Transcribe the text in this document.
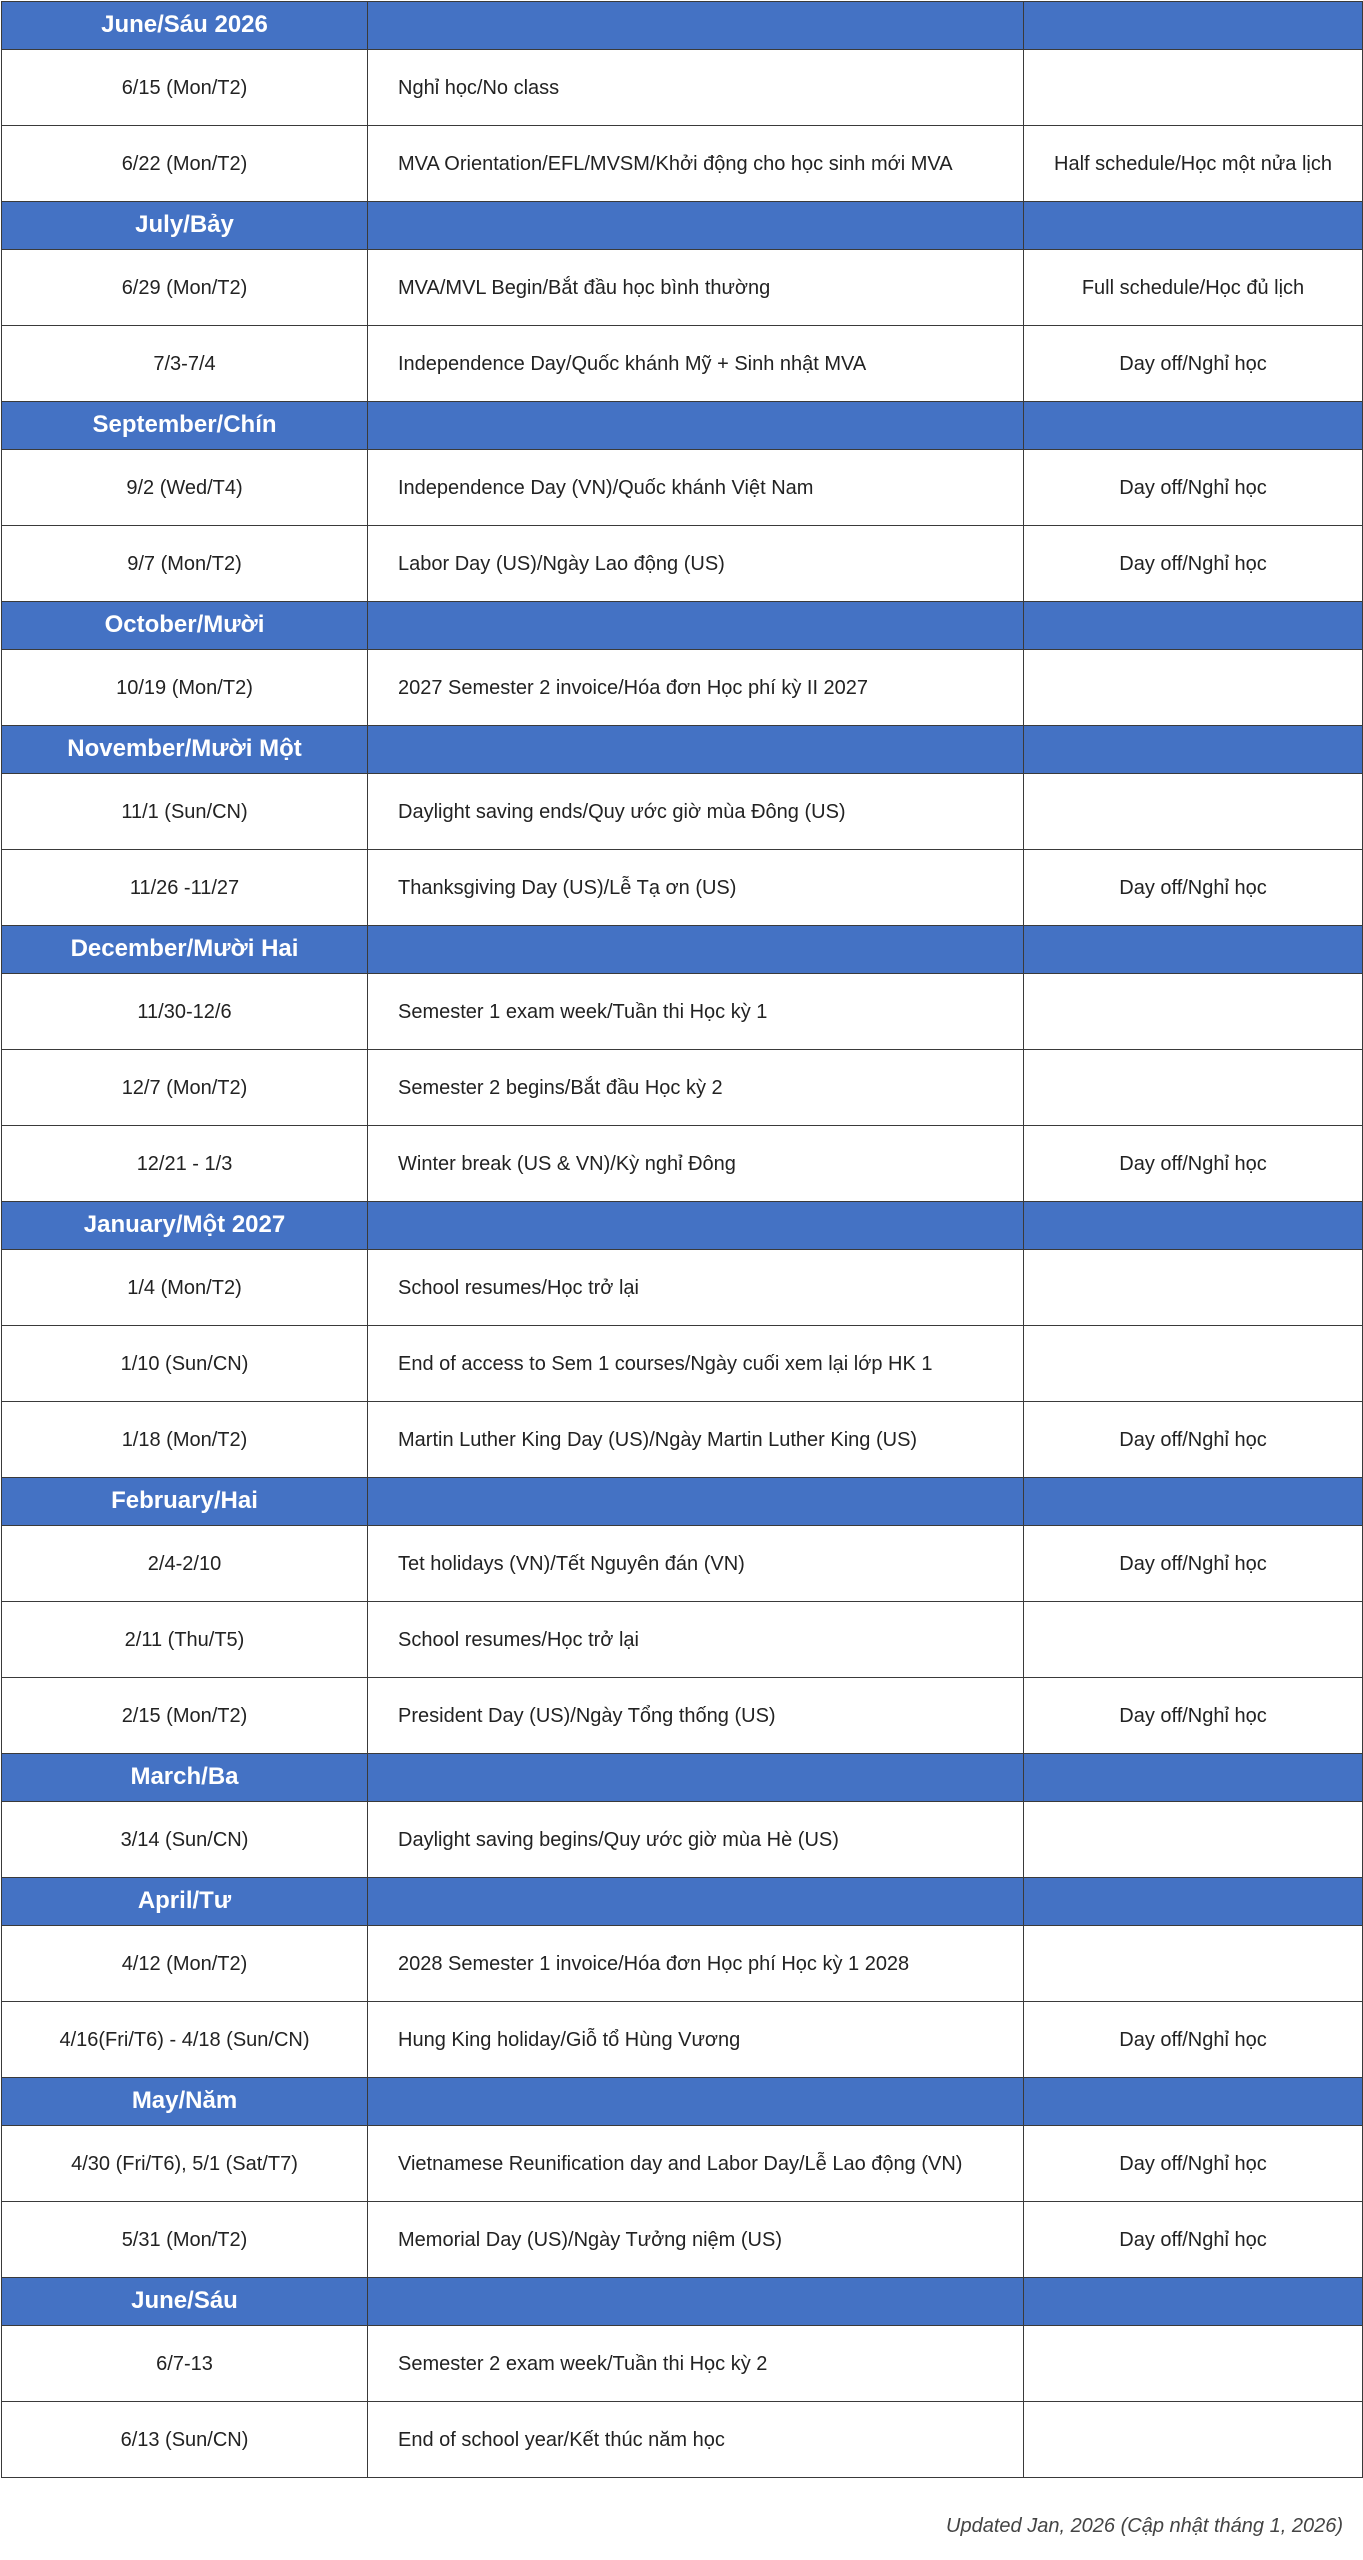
June/Sáu 2026		
6/15 (Mon/T2)	Nghỉ học/No class	
6/22 (Mon/T2)	MVA Orientation/EFL/MVSM/Khởi động cho học sinh mới MVA	Half schedule/Học một nửa lịch
July/Bảy		
6/29 (Mon/T2)	MVA/MVL Begin/Bắt đầu học bình thường	Full schedule/Học đủ lịch
7/3-7/4	Independence Day/Quốc khánh Mỹ + Sinh nhật MVA	Day off/Nghỉ học
September/Chín		
9/2 (Wed/T4)	Independence Day (VN)/Quốc khánh Việt Nam	Day off/Nghỉ học
9/7 (Mon/T2)	Labor Day (US)/Ngày Lao động (US)	Day off/Nghỉ học
October/Mười		
10/19 (Mon/T2)	2027 Semester 2 invoice/Hóa đơn Học phí kỳ II 2027	
November/Mười Một		
11/1 (Sun/CN)	Daylight saving ends/Quy ước giờ mùa Đông (US)	
11/26 -11/27	Thanksgiving Day (US)/Lễ Tạ ơn (US)	Day off/Nghỉ học
December/Mười Hai		
11/30-12/6	Semester 1 exam week/Tuần thi Học kỳ 1	
12/7 (Mon/T2)	Semester 2 begins/Bắt đầu Học kỳ 2	
12/21 - 1/3	Winter break (US & VN)/Kỳ nghỉ Đông	Day off/Nghỉ học
January/Một 2027		
1/4 (Mon/T2)	School resumes/Học trở lại	
1/10 (Sun/CN)	End of access to Sem 1 courses/Ngày cuối xem lại lớp HK 1	
1/18 (Mon/T2)	Martin Luther King Day (US)/Ngày Martin Luther King (US)	Day off/Nghỉ học
February/Hai		
2/4-2/10	Tet holidays (VN)/Tết Nguyên đán (VN)	Day off/Nghỉ học
2/11 (Thu/T5)	School resumes/Học trở lại	
2/15 (Mon/T2)	President Day (US)/Ngày Tổng thống (US)	Day off/Nghỉ học
March/Ba		
3/14 (Sun/CN)	Daylight saving begins/Quy ước giờ mùa Hè (US)	
April/Tư		
4/12 (Mon/T2)	2028 Semester 1 invoice/Hóa đơn Học phí Học kỳ 1 2028	
4/16(Fri/T6) - 4/18 (Sun/CN)	Hung King holiday/Giỗ tổ Hùng Vương	Day off/Nghỉ học
May/Năm		
4/30 (Fri/T6), 5/1 (Sat/T7)	Vietnamese Reunification day and Labor Day/Lễ Lao động (VN)	Day off/Nghỉ học
5/31 (Mon/T2)	Memorial Day (US)/Ngày Tưởng niệm (US)	Day off/Nghỉ học
June/Sáu		
6/7-13	Semester 2 exam week/Tuần thi Học kỳ 2	
6/13 (Sun/CN)	End of school year/Kết thúc năm học	
Updated Jan, 2026 (Cập nhật tháng 1, 2026)
